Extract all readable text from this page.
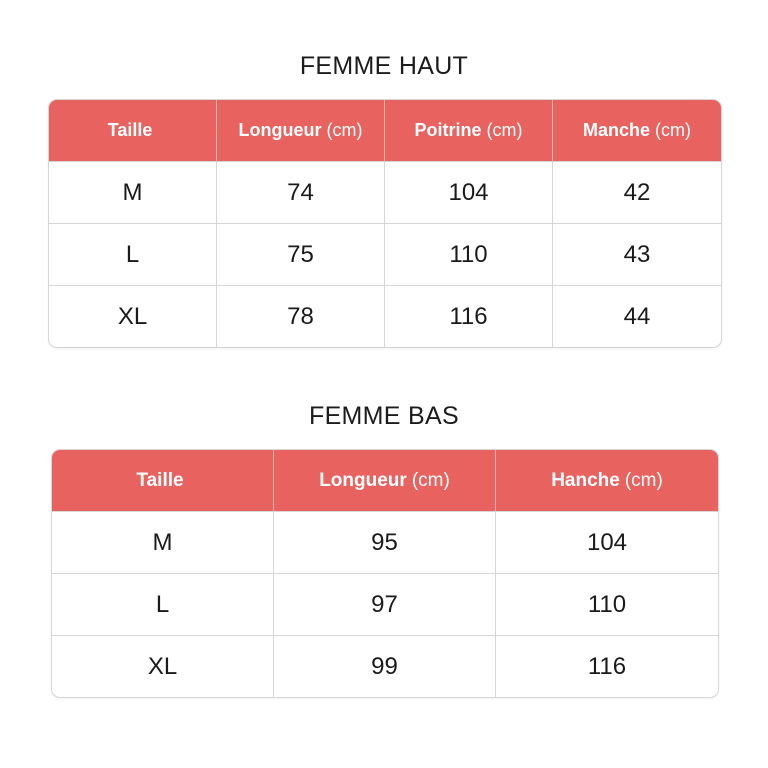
FEMME HAUT
Taille	Longueur (cm)	Poitrine (cm)	Manche (cm)
M	74	104	42
L	75	110	43
XL	78	116	44
FEMME BAS
Taille	Longueur (cm)	Hanche (cm)
M	95	104
L	97	110
XL	99	116
